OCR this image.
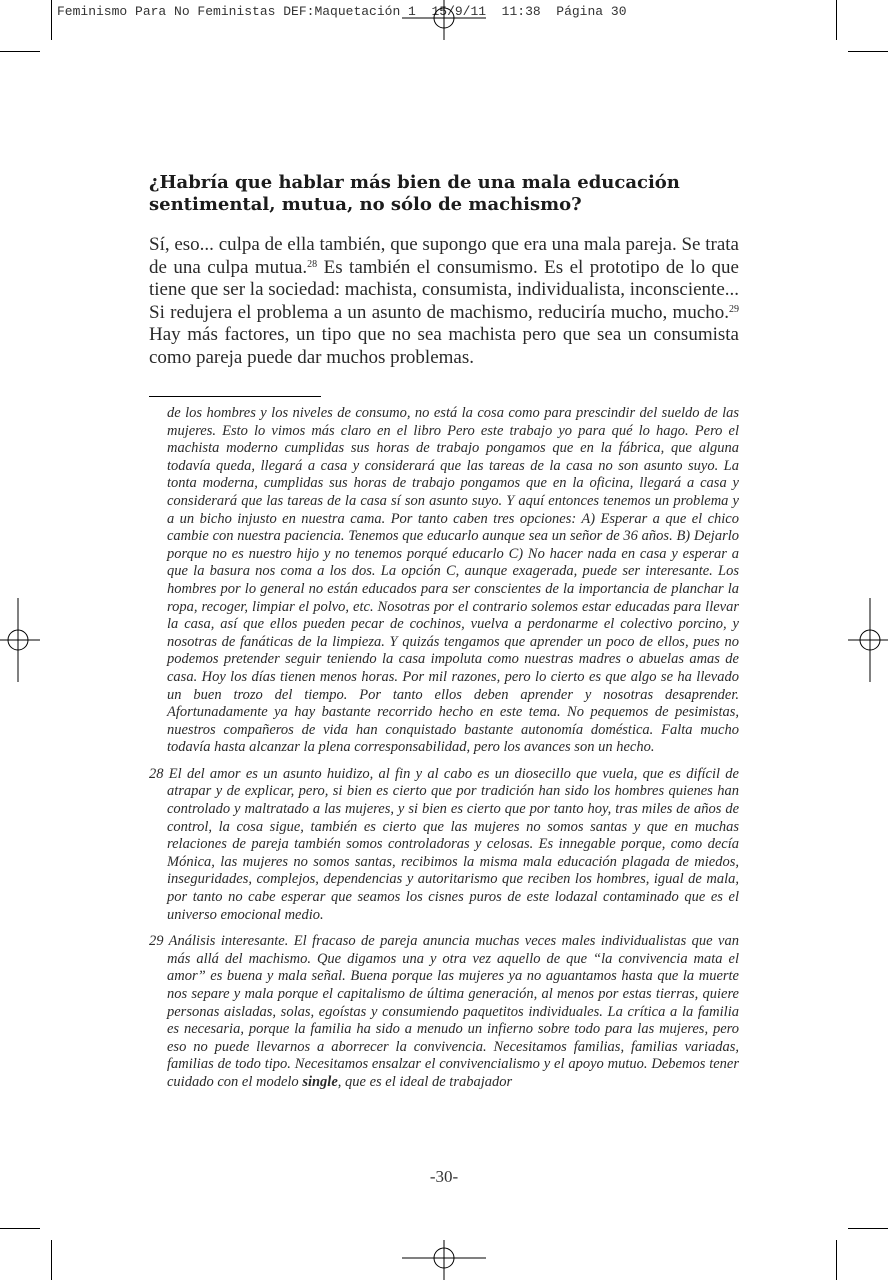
Feminismo Para No Feministas DEF:Maquetación 1  15/9/11  11:38  Página 30
¿Habría que hablar más bien de una mala educación sentimental, mutua, no sólo de machismo?

Sí, eso... culpa de ella también, que supongo que era una mala pareja. Se trata de una culpa mutua.$^{28}$ Es también el consumismo. Es el prototipo de lo que tiene que ser la sociedad: machista, consumista, individualista, inconsciente... Si redujera el problema a un asunto de machismo, reduciría mucho, mucho.$^{29}$ Hay más factores, un tipo que no sea machista pero que sea un consumista como pareja puede dar muchos problemas.

de los hombres y los niveles de consumo, no está la cosa como para prescindir del sueldo de las mujeres. Esto lo vimos más claro en el libro Pero este trabajo yo para qué lo hago. Pero el machista moderno cumplidas sus horas de trabajo pongamos que en la fábrica, que alguna todavía queda, llegará a casa y considerará que las tareas de la casa no son asunto suyo. La tonta moderna, cumplidas sus horas de trabajo pongamos que en la oficina, llegará a casa y considerará que las tareas de la casa sí son asunto suyo. Y aquí entonces tenemos un problema y a un bicho injusto en nuestra cama. Por tanto caben tres opciones: A) Esperar a que el chico cambie con nuestra paciencia. Tenemos que educarlo aunque sea un señor de 36 años. B) Dejarlo porque no es nuestro hijo y no tenemos porqué educarlo C) No hacer nada en casa y esperar a que la basura nos coma a los dos. La opción C, aunque exagerada, puede ser interesante. Los hombres por lo general no están educados para ser conscientes de la importancia de planchar la ropa, recoger, limpiar el polvo, etc. Nosotras por el contrario solemos estar educadas para llevar la casa, así que ellos pueden pecar de cochinos, vuelva a perdonarme el colectivo porcino, y nosotras de fanáticas de la limpieza. Y quizás tengamos que aprender un poco de ellos, pues no podemos pretender seguir teniendo la casa impoluta como nuestras madres o abuelas amas de casa. Hoy los días tienen menos horas. Por mil razones, pero lo cierto es que algo se ha llevado un buen trozo del tiempo. Por tanto ellos deben aprender y nosotras desaprender. Afortunadamente ya hay bastante recorrido hecho en este tema. No pequemos de pesimistas, nuestros compañeros de vida han conquistado bastante autonomía doméstica. Falta mucho todavía hasta alcanzar la plena corresponsabilidad, pero los avances son un hecho.

28 El del amor es un asunto huidizo, al fin y al cabo es un diosecillo que vuela, que es difícil de atrapar y de explicar, pero, si bien es cierto que por tradición han sido los hombres quienes han controlado y maltratado a las mujeres, y si bien es cierto que por tanto hoy, tras miles de años de control, la cosa sigue, también es cierto que las mujeres no somos santas y que en muchas relaciones de pareja también somos controladoras y celosas. Es innegable porque, como decía Mónica, las mujeres no somos santas, recibimos la misma mala educación plagada de miedos, inseguridades, complejos, dependencias y autoritarismo que reciben los hombres, igual de mala, por tanto no cabe esperar que seamos los cisnes puros de este lodazal contaminado que es el universo emocional medio.

29 Análisis interesante. El fracaso de pareja anuncia muchas veces males individualistas que van más allá del machismo. Que digamos una y otra vez aquello de que “la convivencia mata el amor” es buena y mala señal. Buena porque las mujeres ya no aguantamos hasta que la muerte nos separe y mala porque el capitalismo de última generación, al menos por estas tierras, quiere personas aisladas, solas, egoístas y consumiendo paquetitos individuales. La crítica a la familia es necesaria, porque la familia ha sido a menudo un infierno sobre todo para las mujeres, pero eso no puede llevarnos a aborrecer la convivencia. Necesitamos familias, familias variadas, familias de todo tipo. Necesitamos ensalzar el convivencialismo y el apoyo mutuo. Debemos tener cuidado con el modelo single, que es el ideal de trabajador

-30-
